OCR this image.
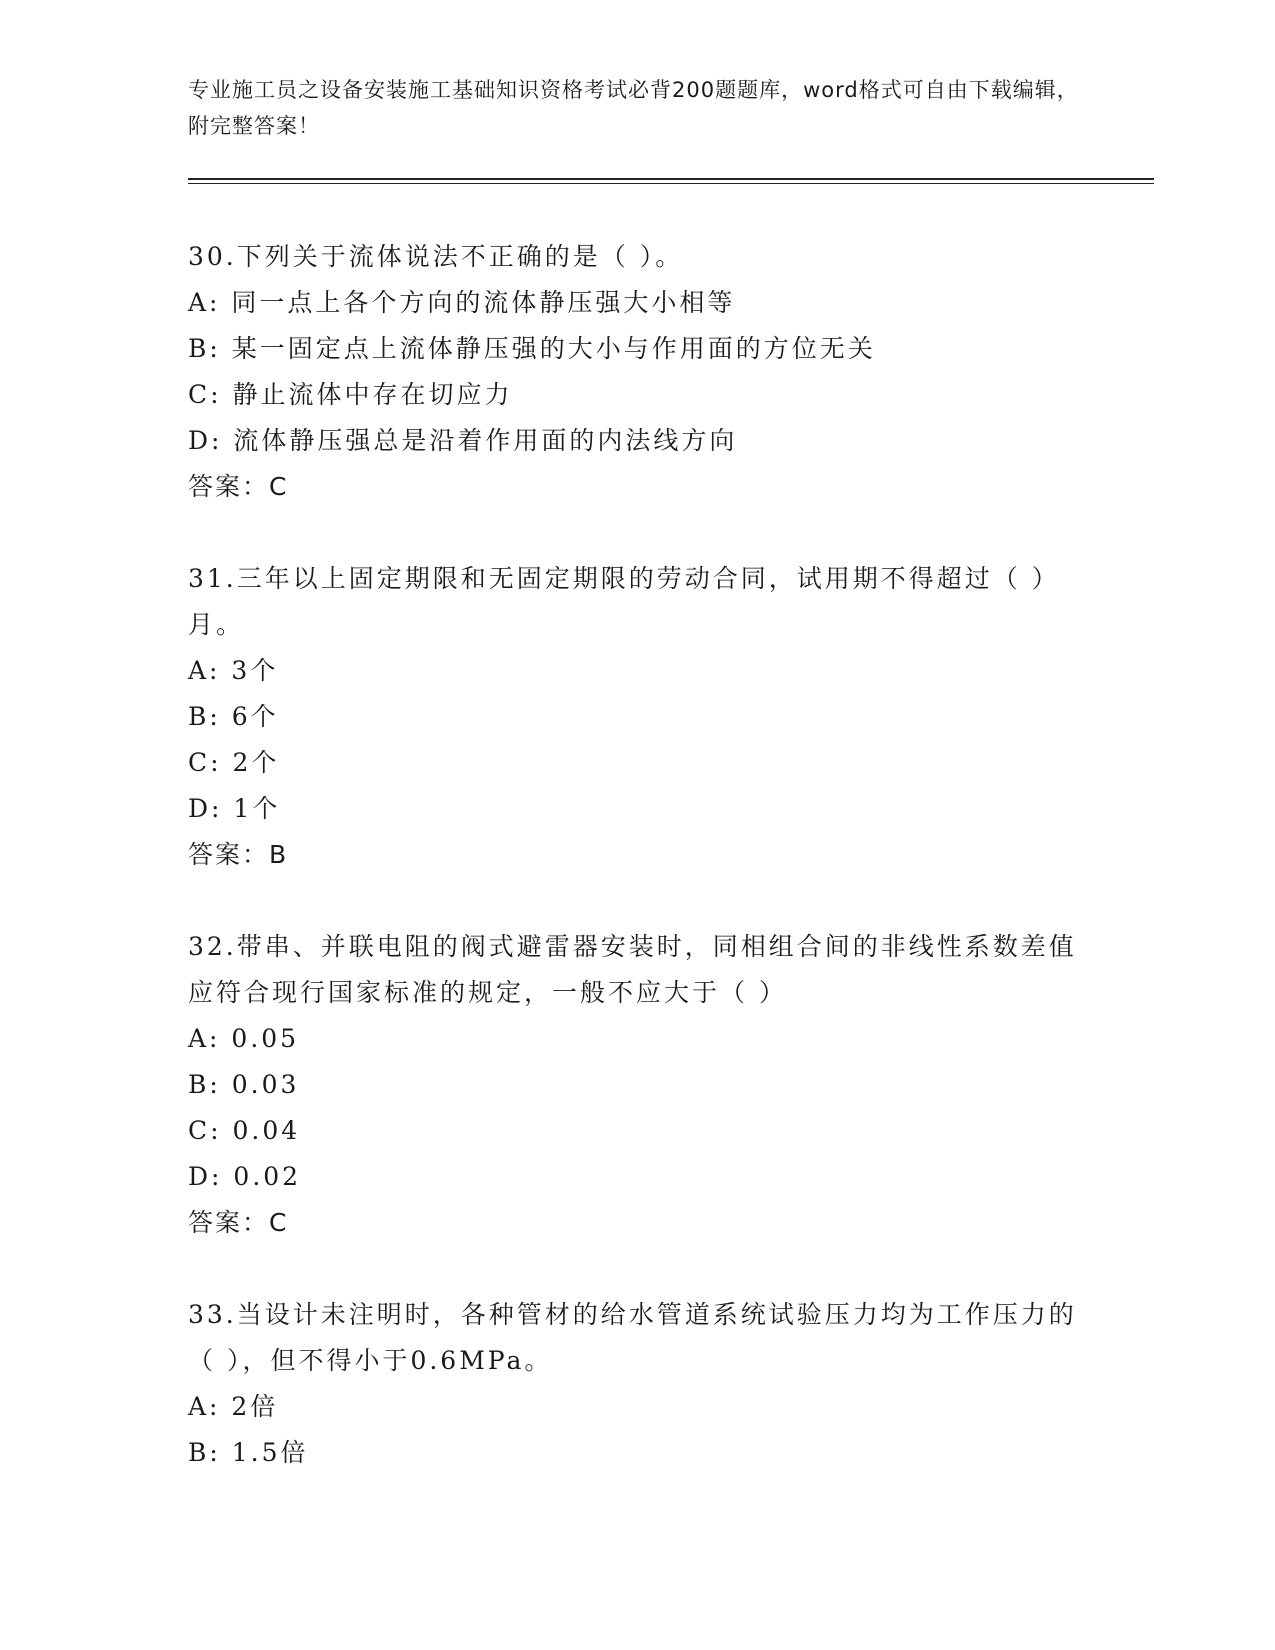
专业施工员之设备安装施工基础知识资格考试必背200题题库，word格式可自由下载编辑，附完整答案！
30.下列关于流体说法不正确的是（ ）。
A: 同一点上各个方向的流体静压强大小相等
B: 某一固定点上流体静压强的大小与作用面的方位无关
C: 静止流体中存在切应力
D: 流体静压强总是沿着作用面的内法线方向
答案：C
31.三年以上固定期限和无固定期限的劳动合同，试用期不得超过（ ）月。
A: 3个
B: 6个
C: 2个
D: 1个
答案：B
32.带串、并联电阻的阀式避雷器安装时，同相组合间的非线性系数差值应符合现行国家标准的规定，一般不应大于（ ）
A: 0.05
B: 0.03
C: 0.04
D: 0.02
答案：C
33.当设计未注明时，各种管材的给水管道系统试验压力均为工作压力的（ ），但不得小于0.6MPa。
A: 2倍
B: 1.5倍
